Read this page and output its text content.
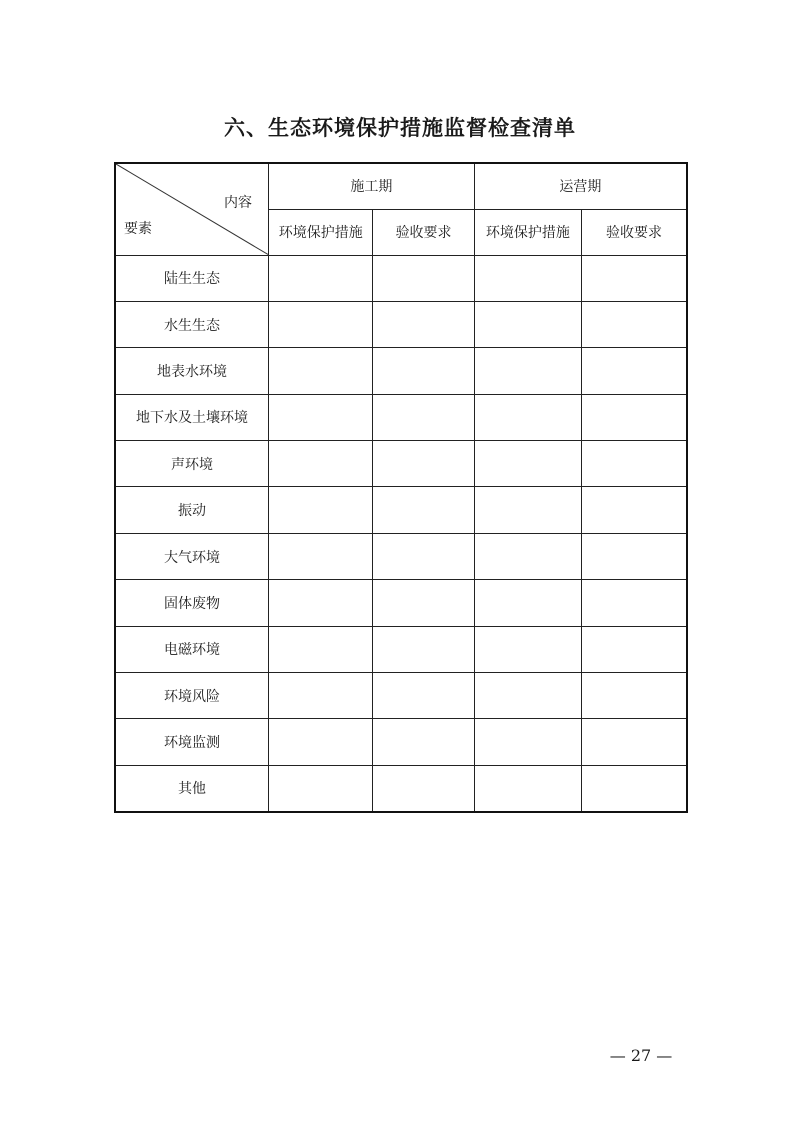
六、生态环境保护措施监督检查清单
内容
要素	施工期		运营期	
	环境保护措施	验收要求	环境保护措施	验收要求
陆生生态				
水生生态				
地表水环境				
地下水及土壤环境				
声环境				
振动				
大气环境				
固体废物				
电磁环境				
环境风险				
环境监测				
其他				
— 27 —
